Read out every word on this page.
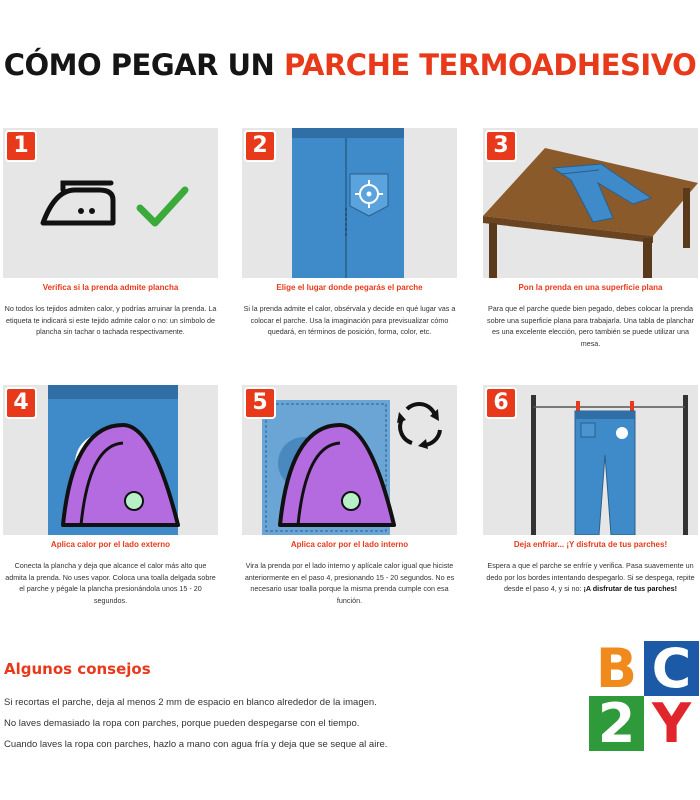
CÓMO PEGAR UN PARCHE TERMOADHESIVO
1
Verifica si la prenda admite plancha
No todos los tejidos admiten calor, y podrías arruinar la prenda. La etiqueta te indicará si este tejido admite calor o no: un símbolo de plancha sin tachar o tachada respectivamente.
2
Elige el lugar donde pegarás el parche
Si la prenda admite el calor, obsérvala y decide en qué lugar vas a colocar el parche. Usa la imaginación para previsualizar cómo quedará, en términos de posición, forma, color, etc.
3
Pon la prenda en una superficie plana
Para que el parche quede bien pegado, debes colocar la prenda sobre una superficie plana para trabajarla. Una tabla de planchar es una excelente elección, pero también se puede utilizar una mesa.
4
Aplica calor por el lado externo
Conecta la plancha y deja que alcance el calor más alto que admita la prenda. No uses vapor. Coloca una toalla delgada sobre el parche y pégale la plancha presionándola unos 15 - 20 segundos.
5
Aplica calor por el lado interno
Vira la prenda por el lado interno y aplícale calor igual que hiciste anteriormente en el paso 4, presionando 15 - 20 segundos. No es necesario usar toalla porque la misma prenda cumple con esa función.
6
Deja enfriar... ¡Y disfruta de tus parches!
Espera a que el parche se enfríe y verifica. Pasa suavemente un dedo por los bordes intentando despegarlo. Si se despega, repite desde el paso 4, y si no: ¡A disfrutar de tus parches!
Algunos consejos
Si recortas el parche, deja al menos 2 mm de espacio en blanco alrededor de la imagen.
No laves demasiado la ropa con parches, porque pueden despegarse con el tiempo.
Cuando laves la ropa con parches, hazlo a mano con agua fría y deja que se seque al aire.
B C
2 Y
